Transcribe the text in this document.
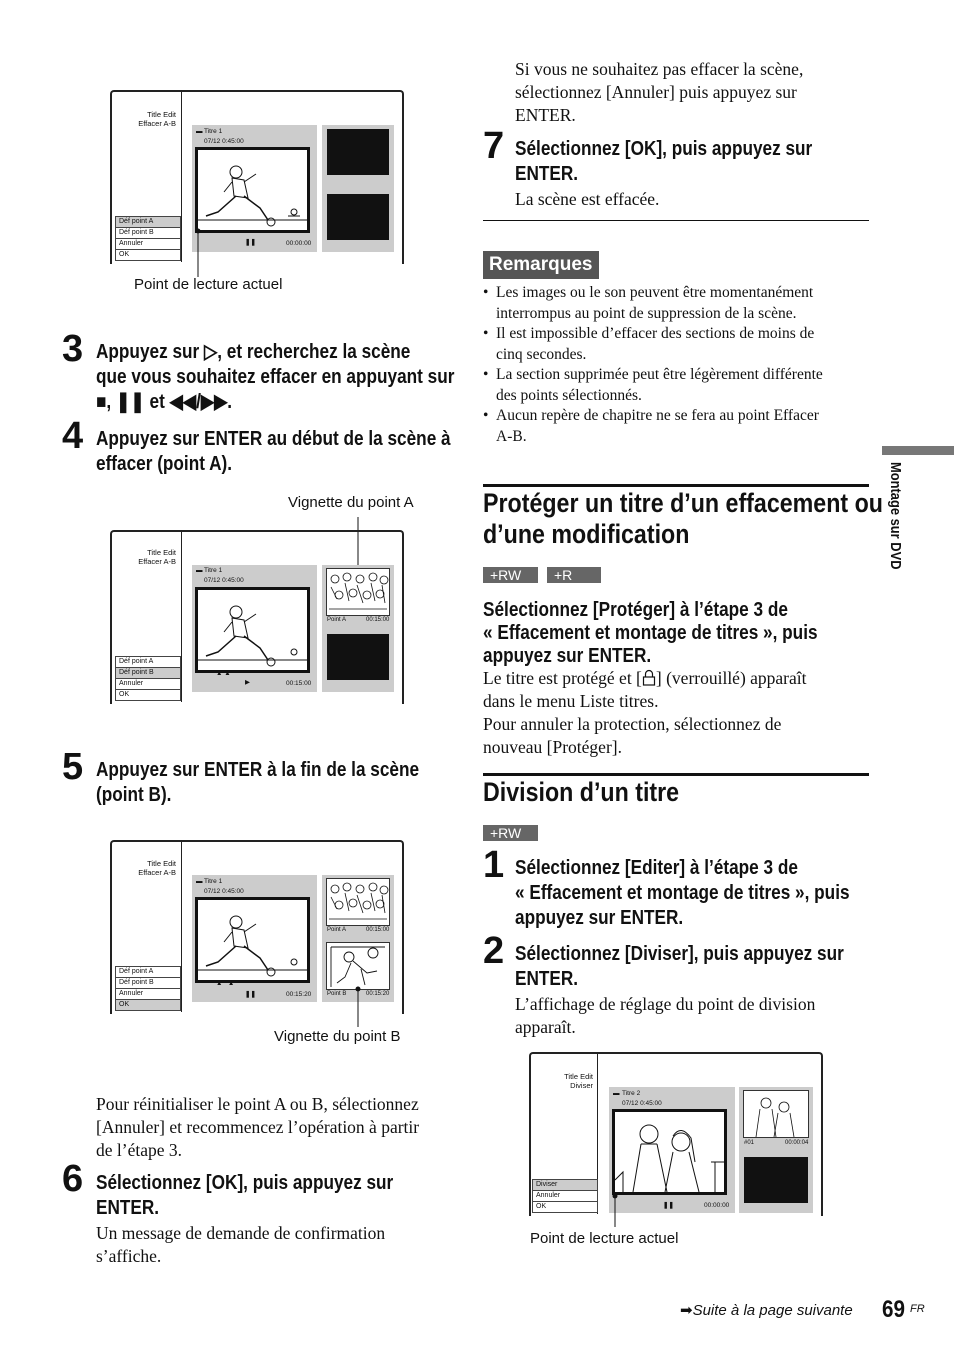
Title Edit
Effacer A-B
Déf point A
Déf point B
Annuler
OK
▬ Titre 1
07/12 0:45:00
❚❚	00:00:00
Point de lecture actuel
3 Appuyez sur ▷, et recherchez la scène
que vous souhaitez effacer en appuyant sur
■, ❚❚ et ◀◀/▶▶.
4 Appuyez sur ENTER au début de la scène à
effacer (point A).
Vignette du point A
Title Edit
Effacer A-B
Déf point A
Déf point B
Annuler
OK
▬ Titre 1
07/12 0:45:00
▲ ▲
▶	00:15:00
Point A	00:15:00
5 Appuyez sur ENTER à la fin de la scène
(point B).
Title Edit
Effacer A-B
Déf point A
Déf point B
Annuler
OK
▬ Titre 1
07/12 0:45:00
▲   ▲
❚❚	00:15:20
Point A	00:15:00
Point B	00:15:20
Vignette du point B
Pour réinitialiser le point A ou B, sélectionnez
[Annuler] et recommencez l’opération à partir
de l’étape 3.
6 Sélectionnez [OK], puis appuyez sur
ENTER.
Un message de demande de confirmation
s’affiche.
Si vous ne souhaitez pas effacer la scène,
sélectionnez [Annuler] puis appuyez sur
ENTER.
7 Sélectionnez [OK], puis appuyez sur
ENTER.
La scène est effacée.
Remarques
• Les images ou le son peuvent être momentanément
interrompus au point de suppression de la scène.
• Il est impossible d’effacer des sections de moins de
cinq secondes.
• La section supprimée peut être légèrement différente
des points sélectionnés.
• Aucun repère de chapitre ne se fera au point Effacer
A-B.
Protéger un titre d’un effacement ou
d’une modification
+RW	+R
Sélectionnez [Protéger] à l’étape 3 de
« Effacement et montage de titres », puis
appuyez sur ENTER.
Le titre est protégé et [ ] (verrouillé) apparaît
dans le menu Liste titres.
Pour annuler la protection, sélectionnez de
nouveau [Protéger].
Division d’un titre
+RW
1 Sélectionnez [Editer] à l’étape 3 de
« Effacement et montage de titres », puis
appuyez sur ENTER.
2 Sélectionnez [Diviser], puis appuyez sur
ENTER.
L’affichage de réglage du point de division
apparaît.
Title Edit
Diviser
Diviser
Annuler
OK
▬ Titre 2
07/12 0:45:00
❚❚	00:00:00
#01	00:00:04
Point de lecture actuel
Montage sur DVD
➡Suite à la page suivante 69 FR
